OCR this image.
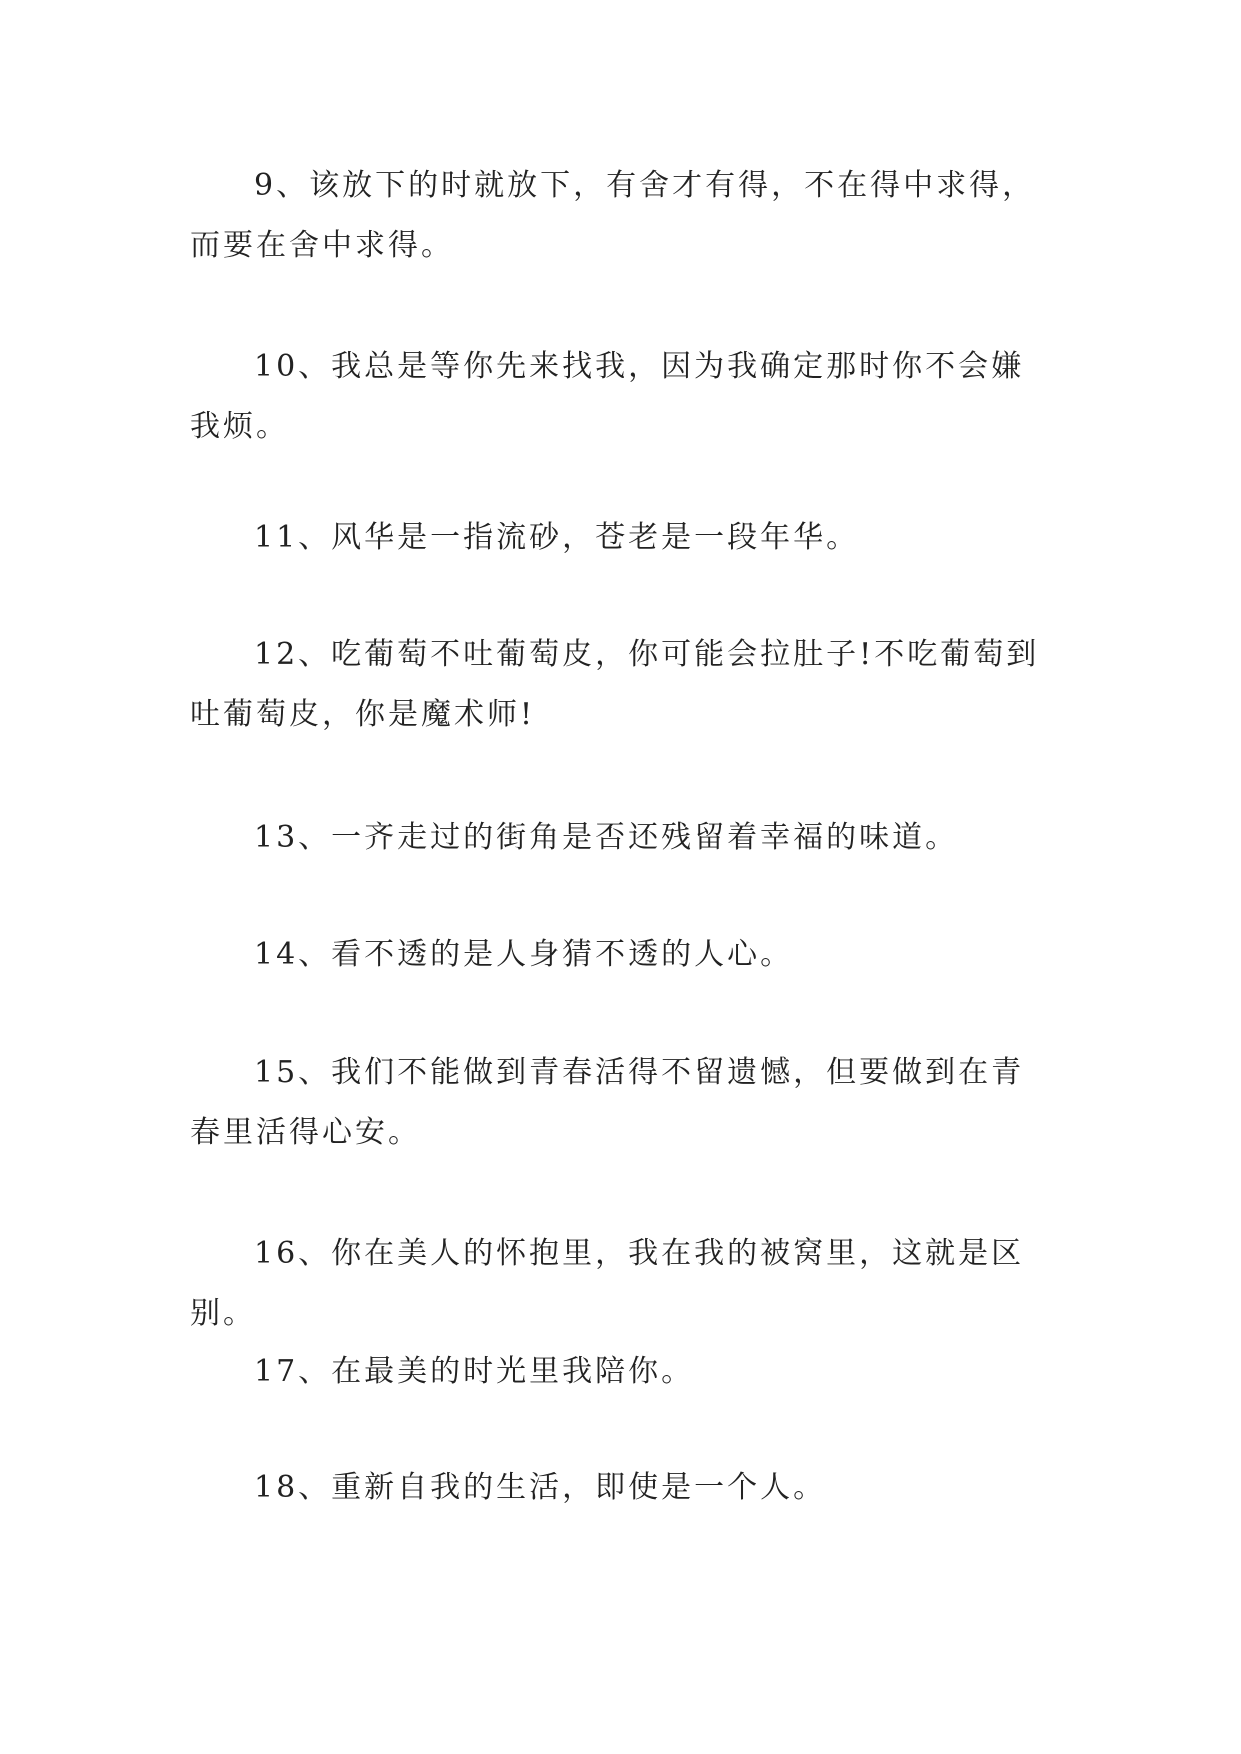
9、该放下的时就放下，有舍才有得，不在得中求得，而要在舍中求得。

10、我总是等你先来找我，因为我确定那时你不会嫌我烦。

11、风华是一指流砂，苍老是一段年华。

12、吃葡萄不吐葡萄皮，你可能会拉肚子!不吃葡萄到吐葡萄皮，你是魔术师!

13、一齐走过的街角是否还残留着幸福的味道。

14、看不透的是人身猜不透的人心。

15、我们不能做到青春活得不留遗憾，但要做到在青春里活得心安。

16、你在美人的怀抱里，我在我的被窝里，这就是区别。

17、在最美的时光里我陪你。

18、重新自我的生活，即使是一个人。
